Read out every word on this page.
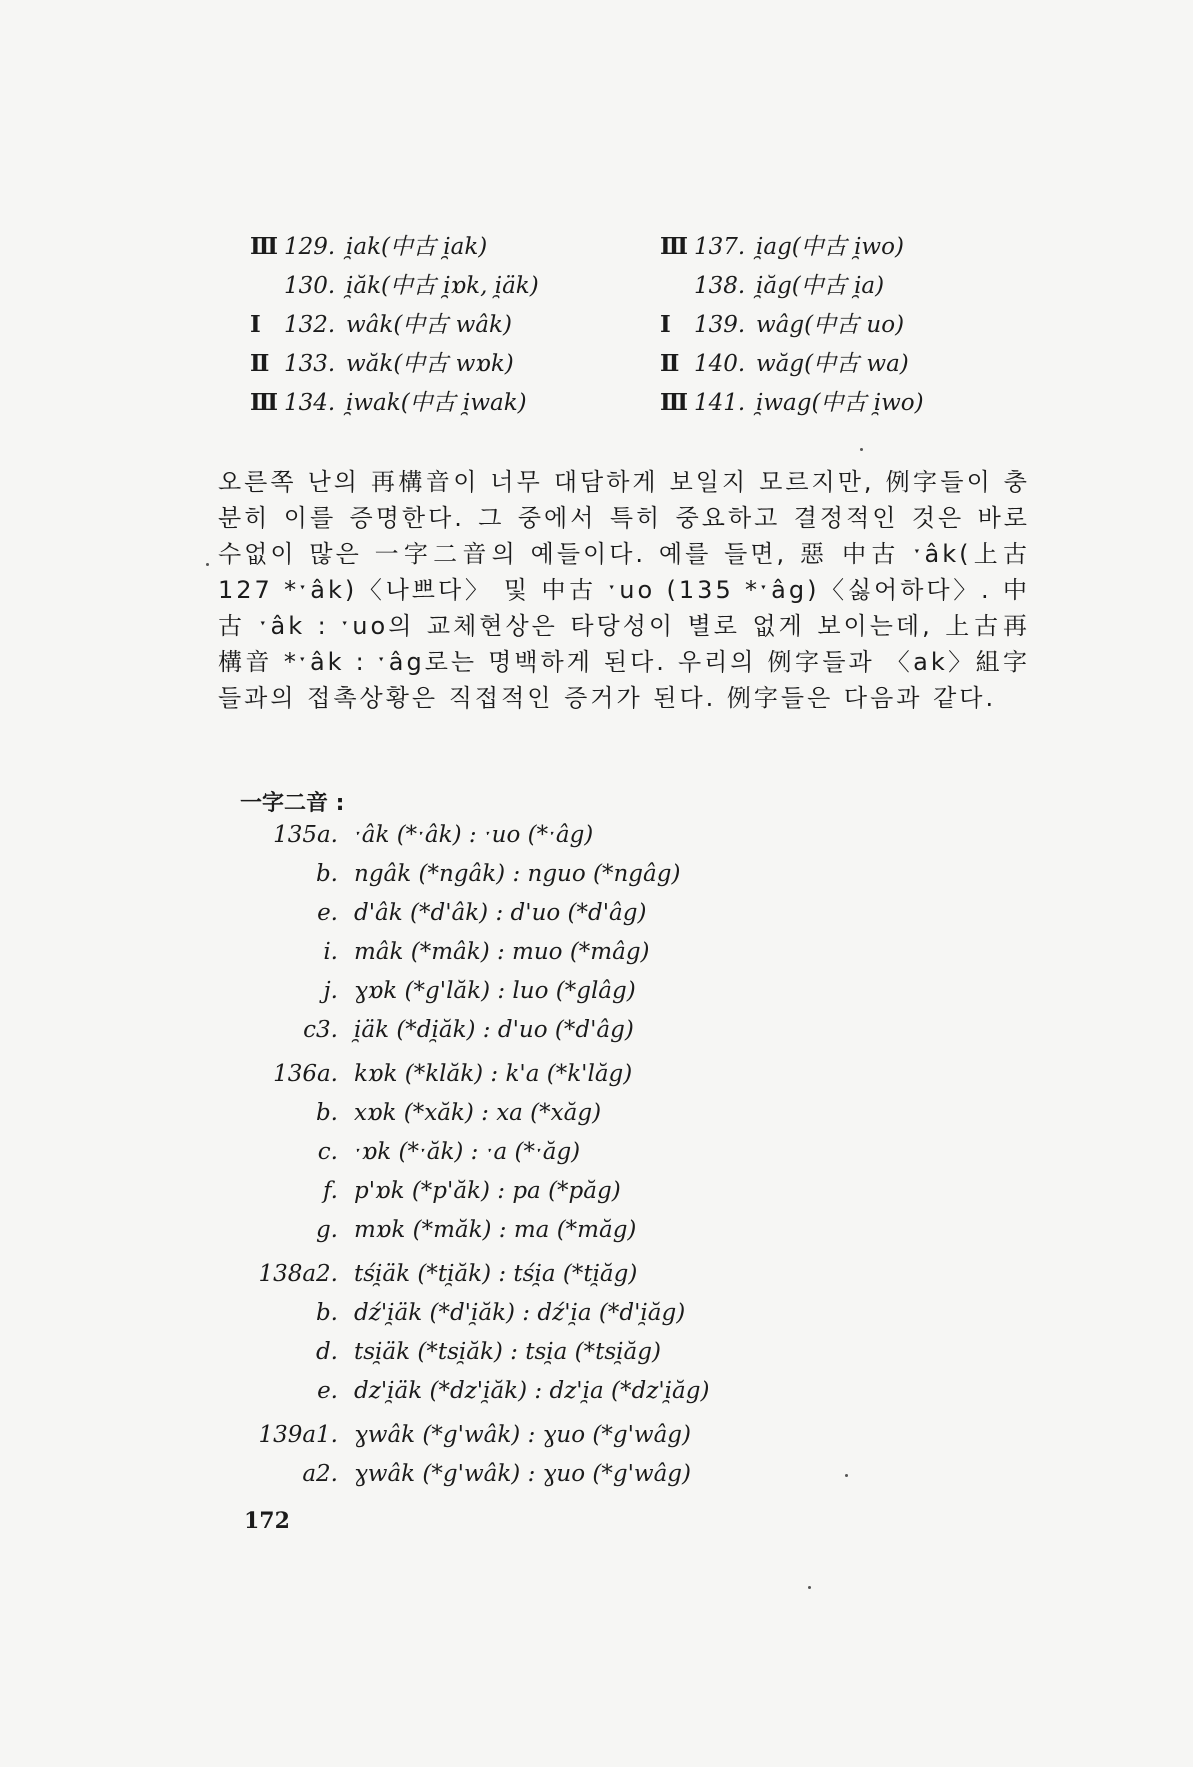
Ⅲ 129. i̯ak(中古 i̯ak)	Ⅲ 137. i̯ag(中古 i̯wo)
130. i̯ăk(中古 i̯ɒk, i̯äk)	138. i̯ăg(中古 i̯a)
Ⅰ 132. wâk(中古 wâk)	Ⅰ 139. wâg(中古 uo)
Ⅱ 133. wăk(中古 wɒk)	Ⅱ 140. wăg(中古 wa)
Ⅲ 134. i̯wak(中古 i̯wak)	Ⅲ 141. i̯wag(中古 i̯wo)
오른쪽 난의 再構音이 너무 대담하게 보일지 모르지만, 例字들이 충분히 이를 증명한다. 그 중에서 특히 중요하고 결정적인 것은 바로 수없이 많은 一字二音의 예들이다. 예를 들면, 惡 中古 ˑâk(上古 127 *ˑâk)〈나쁘다〉 및 中古 ˑuo (135 *ˑâg)〈싫어하다〉. 中古 ˑâk : ˑuo의 교체현상은 타당성이 별로 없게 보이는데, 上古再構音 *ˑâk : ˑâg로는 명백하게 된다. 우리의 例字들과 〈ak〉組字들과의 접촉상황은 직접적인 증거가 된다. 例字들은 다음과 같다.
一字二音 :
135a. ˑâk (*ˑâk) : ˑuo (*ˑâg)
b. ngâk (*ngâk) : nguo (*ngâg)
e. d'âk (*d'âk) : d'uo (*d'âg)
i. mâk (*mâk) : muo (*mâg)
j. ɣɒk (*g'lăk) : luo (*glâg)
c3. i̯äk (*di̯ăk) : d'uo (*d'âg)
136a. kɒk (*klăk) : k'a (*k'lăg)
b. xɒk (*xăk) : xa (*xăg)
c. ˑɒk (*ˑăk) : ˑa (*ˑăg)
f. p'ɒk (*p'ăk) : pa (*păg)
g. mɒk (*măk) : ma (*măg)
138a2. tśi̯äk (*ti̯ăk) : tśi̯a (*ti̯ăg)
b. dź'i̯äk (*d'i̯ăk) : dź'i̯a (*d'i̯ăg)
d. tsi̯äk (*tsi̯ăk) : tsi̯a (*tsi̯ăg)
e. dz'i̯äk (*dz'i̯ăk) : dz'i̯a (*dz'i̯ăg)
139a1. ɣwâk (*g'wâk) : ɣuo (*g'wâg)
a2. ɣwâk (*g'wâk) : ɣuo (*g'wâg)
172
